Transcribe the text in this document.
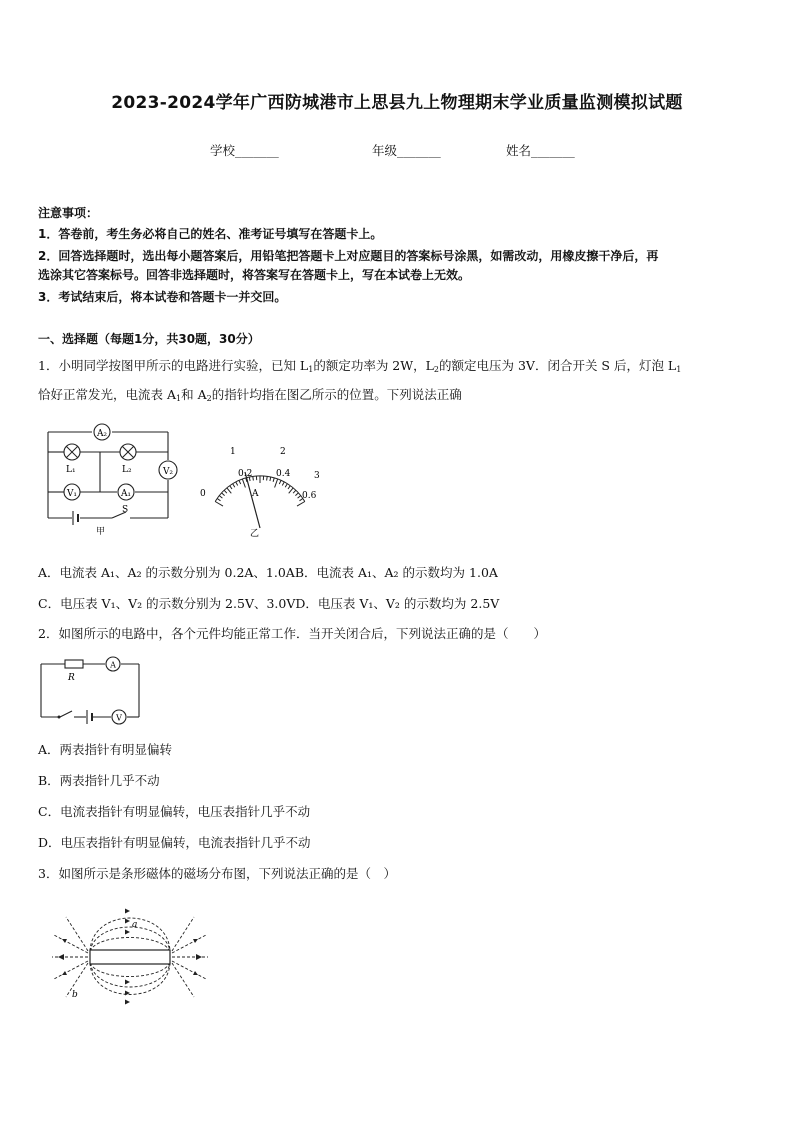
2023-2024学年广西防城港市上思县九上物理期末学业质量监测模拟试题
学校_______	年级_______	姓名_______
注意事项：
1．答卷前，考生务必将自己的姓名、准考证号填写在答题卡上。
2．回答选择题时，选出每小题答案后，用铅笔把答题卡上对应题目的答案标号涂黑，如需改动，用橡皮擦干净后，再
选涂其它答案标号。回答非选择题时，将答案写在答题卡上，写在本试卷上无效。
3．考试结束后，将本试卷和答题卡一并交回。
一、选择题（每题1分，共30题，30分）
1．小明同学按图甲所示的电路进行实验，已知 $L_1$的额定功率为 2W，$L_2$的额定电压为 3V．闭合开关 S 后，灯泡 $L_1$
恰好正常发光，电流表 $A_1$和 $A_2$的指针均指在图乙所示的位置。下列说法正确
A₂
L₁	L₂	V₂
V₁	A₁
S
甲
A
0
0.2	0.4
0.6
1	2
3
乙
A．电流表 A₁、A₂ 的示数分别为 0.2A、1.0AB．电流表 A₁、A₂ 的示数均为 1.0A
C．电压表 V₁、V₂ 的示数分别为 2.5V、3.0VD．电压表 V₁、V₂ 的示数均为 2.5V
2．如图所示的电路中，各个元件均能正常工作．当开关闭合后，下列说法正确的是（　　）
A
V
R
A．两表指针有明显偏转
B．两表指针几乎不动
C．电流表指针有明显偏转，电压表指针几乎不动
D．电压表指针有明显偏转，电流表指针几乎不动
3．如图所示是条形磁体的磁场分布图，下列说法正确的是（　）
a
b
